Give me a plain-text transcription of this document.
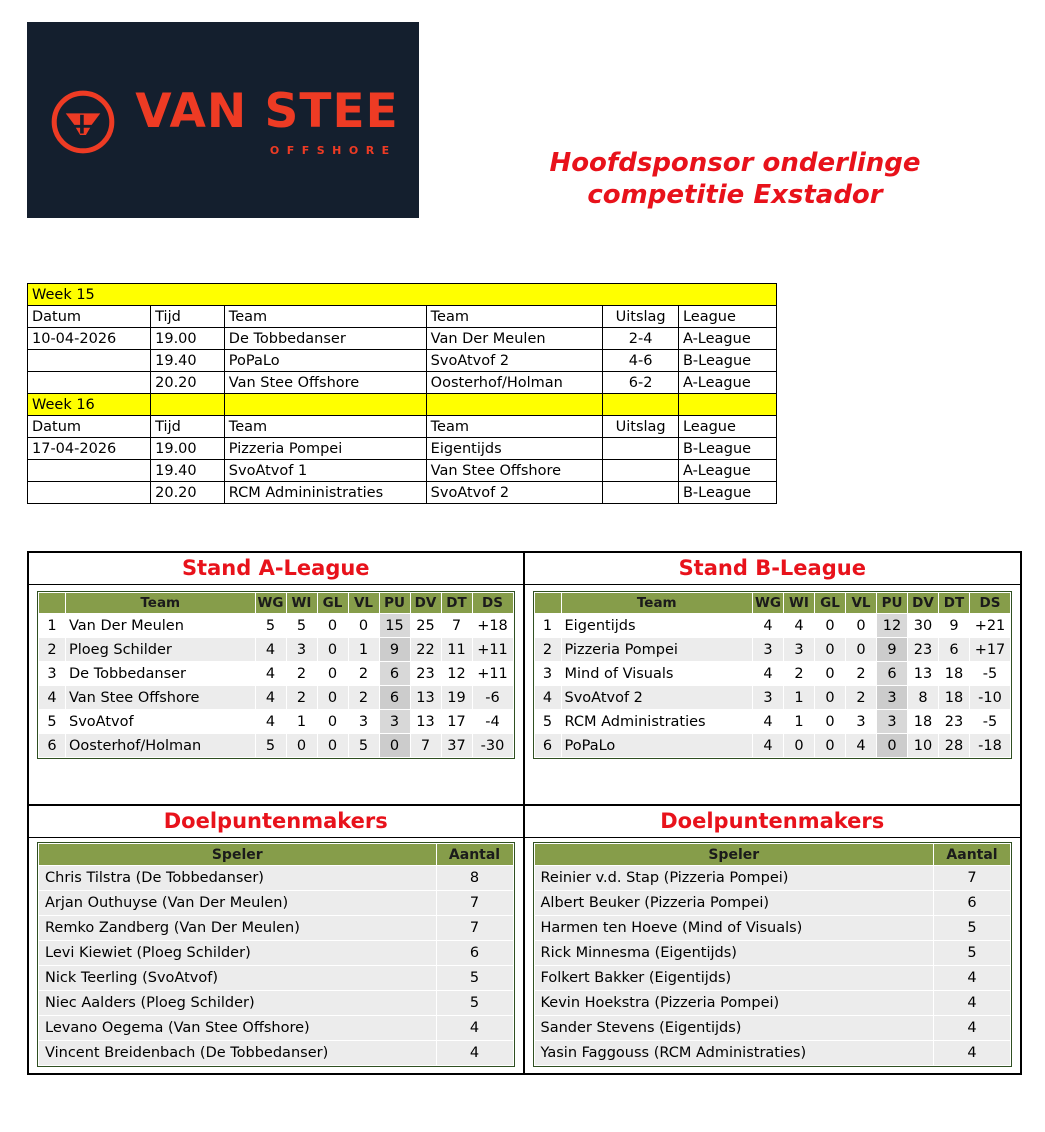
VAN STEE
OFFSHORE	Hoofdsponsor onderlinge
competitie Exstador
Week 15					
Datum	Tijd	Team	Team	Uitslag	League
10-04-2026	19.00	De Tobbedanser	Van Der Meulen	2-4	A-League
	19.40	PoPaLo	SvoAtvof 2	4-6	B-League
	20.20	Van Stee Offshore	Oosterhof/Holman	6-2	A-League
Week 16					
Datum	Tijd	Team	Team	Uitslag	League
17-04-2026	19.00	Pizzeria Pompei	Eigentijds		B-League
	19.40	SvoAtvof 1	Van Stee Offshore		A-League
	20.20	RCM Admininistraties	SvoAtvof 2		B-League
Stand A-League
	Team	WG	WI	GL	VL	PU	DV	DT	DS
1	Van Der Meulen	5	5	0	0	15	25	7	+18
2	Ploeg Schilder	4	3	0	1	9	22	11	+11
3	De Tobbedanser	4	2	0	2	6	23	12	+11
4	Van Stee Offshore	4	2	0	2	6	13	19	-6
5	SvoAtvof	4	1	0	3	3	13	17	-4
6	Oosterhof/Holman	5	0	0	5	0	7	37	-30
Stand B-League
	Team	WG	WI	GL	VL	PU	DV	DT	DS
1	Eigentijds	4	4	0	0	12	30	9	+21
2	Pizzeria Pompei	3	3	0	0	9	23	6	+17
3	Mind of Visuals	4	2	0	2	6	13	18	-5
4	SvoAtvof 2	3	1	0	2	3	8	18	-10
5	RCM Administraties	4	1	0	3	3	18	23	-5
6	PoPaLo	4	0	0	4	0	10	28	-18
Doelpuntenmakers
Speler	Aantal
Chris Tilstra (De Tobbedanser)	8
Arjan Outhuyse (Van Der Meulen)	7
Remko Zandberg (Van Der Meulen)	7
Levi Kiewiet (Ploeg Schilder)	6
Nick Teerling (SvoAtvof)	5
Niec Aalders (Ploeg Schilder)	5
Levano Oegema (Van Stee Offshore)	4
Vincent Breidenbach (De Tobbedanser)	4
Doelpuntenmakers
Speler	Aantal
Reinier v.d. Stap (Pizzeria Pompei)	7
Albert Beuker (Pizzeria Pompei)	6
Harmen ten Hoeve (Mind of Visuals)	5
Rick Minnesma (Eigentijds)	5
Folkert Bakker (Eigentijds)	4
Kevin Hoekstra (Pizzeria Pompei)	4
Sander Stevens (Eigentijds)	4
Yasin Faggouss (RCM Administraties)	4
